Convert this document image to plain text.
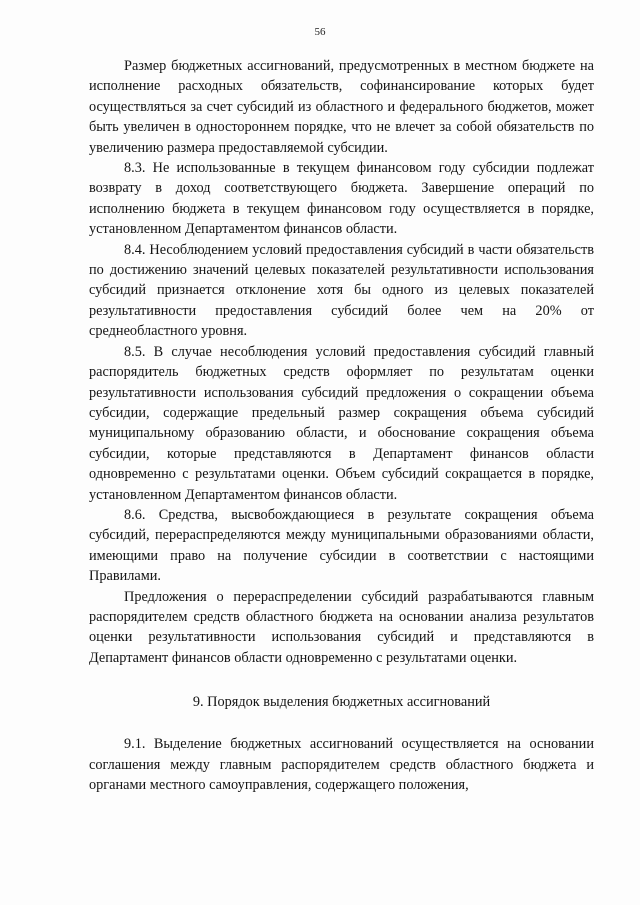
56

Размер бюджетных ассигнований, предусмотренных в местном бюджете на исполнение расходных обязательств, софинансирование которых будет осуществляться за счет субсидий из областного и федерального бюджетов, может быть увеличен в одностороннем порядке, что не влечет за собой обязательств по увеличению размера предоставляемой субсидии.

8.3. Не использованные в текущем финансовом году субсидии подлежат возврату в доход соответствующего бюджета. Завершение операций по исполнению бюджета в текущем финансовом году осуществляется в порядке, установленном Департаментом финансов области.

8.4. Несоблюдением условий предоставления субсидий в части обязательств по достижению значений целевых показателей результативности использования субсидий признается отклонение хотя бы одного из целевых показателей результативности предоставления субсидий более чем на 20% от среднеобластного уровня.

8.5. В случае несоблюдения условий предоставления субсидий главный распорядитель бюджетных средств оформляет по результатам оценки результативности использования субсидий предложения о сокращении объема субсидии, содержащие предельный размер сокращения объема субсидий муниципальному образованию области, и обоснование сокращения объема субсидии, которые представляются в Департамент финансов области одновременно с результатами оценки. Объем субсидий сокращается в порядке, установленном Департаментом финансов области.

8.6. Средства, высвобождающиеся в результате сокращения объема субсидий, перераспределяются между муниципальными образованиями области, имеющими право на получение субсидии в соответствии с настоящими Правилами.

Предложения о перераспределении субсидий разрабатываются главным распорядителем средств областного бюджета на основании анализа результатов оценки результативности использования субсидий и представляются в Департамент финансов области одновременно с результатами оценки.

9. Порядок выделения бюджетных ассигнований

9.1. Выделение бюджетных ассигнований осуществляется на основании соглашения между главным распорядителем средств областного бюджета и органами местного самоуправления, содержащего положения,
